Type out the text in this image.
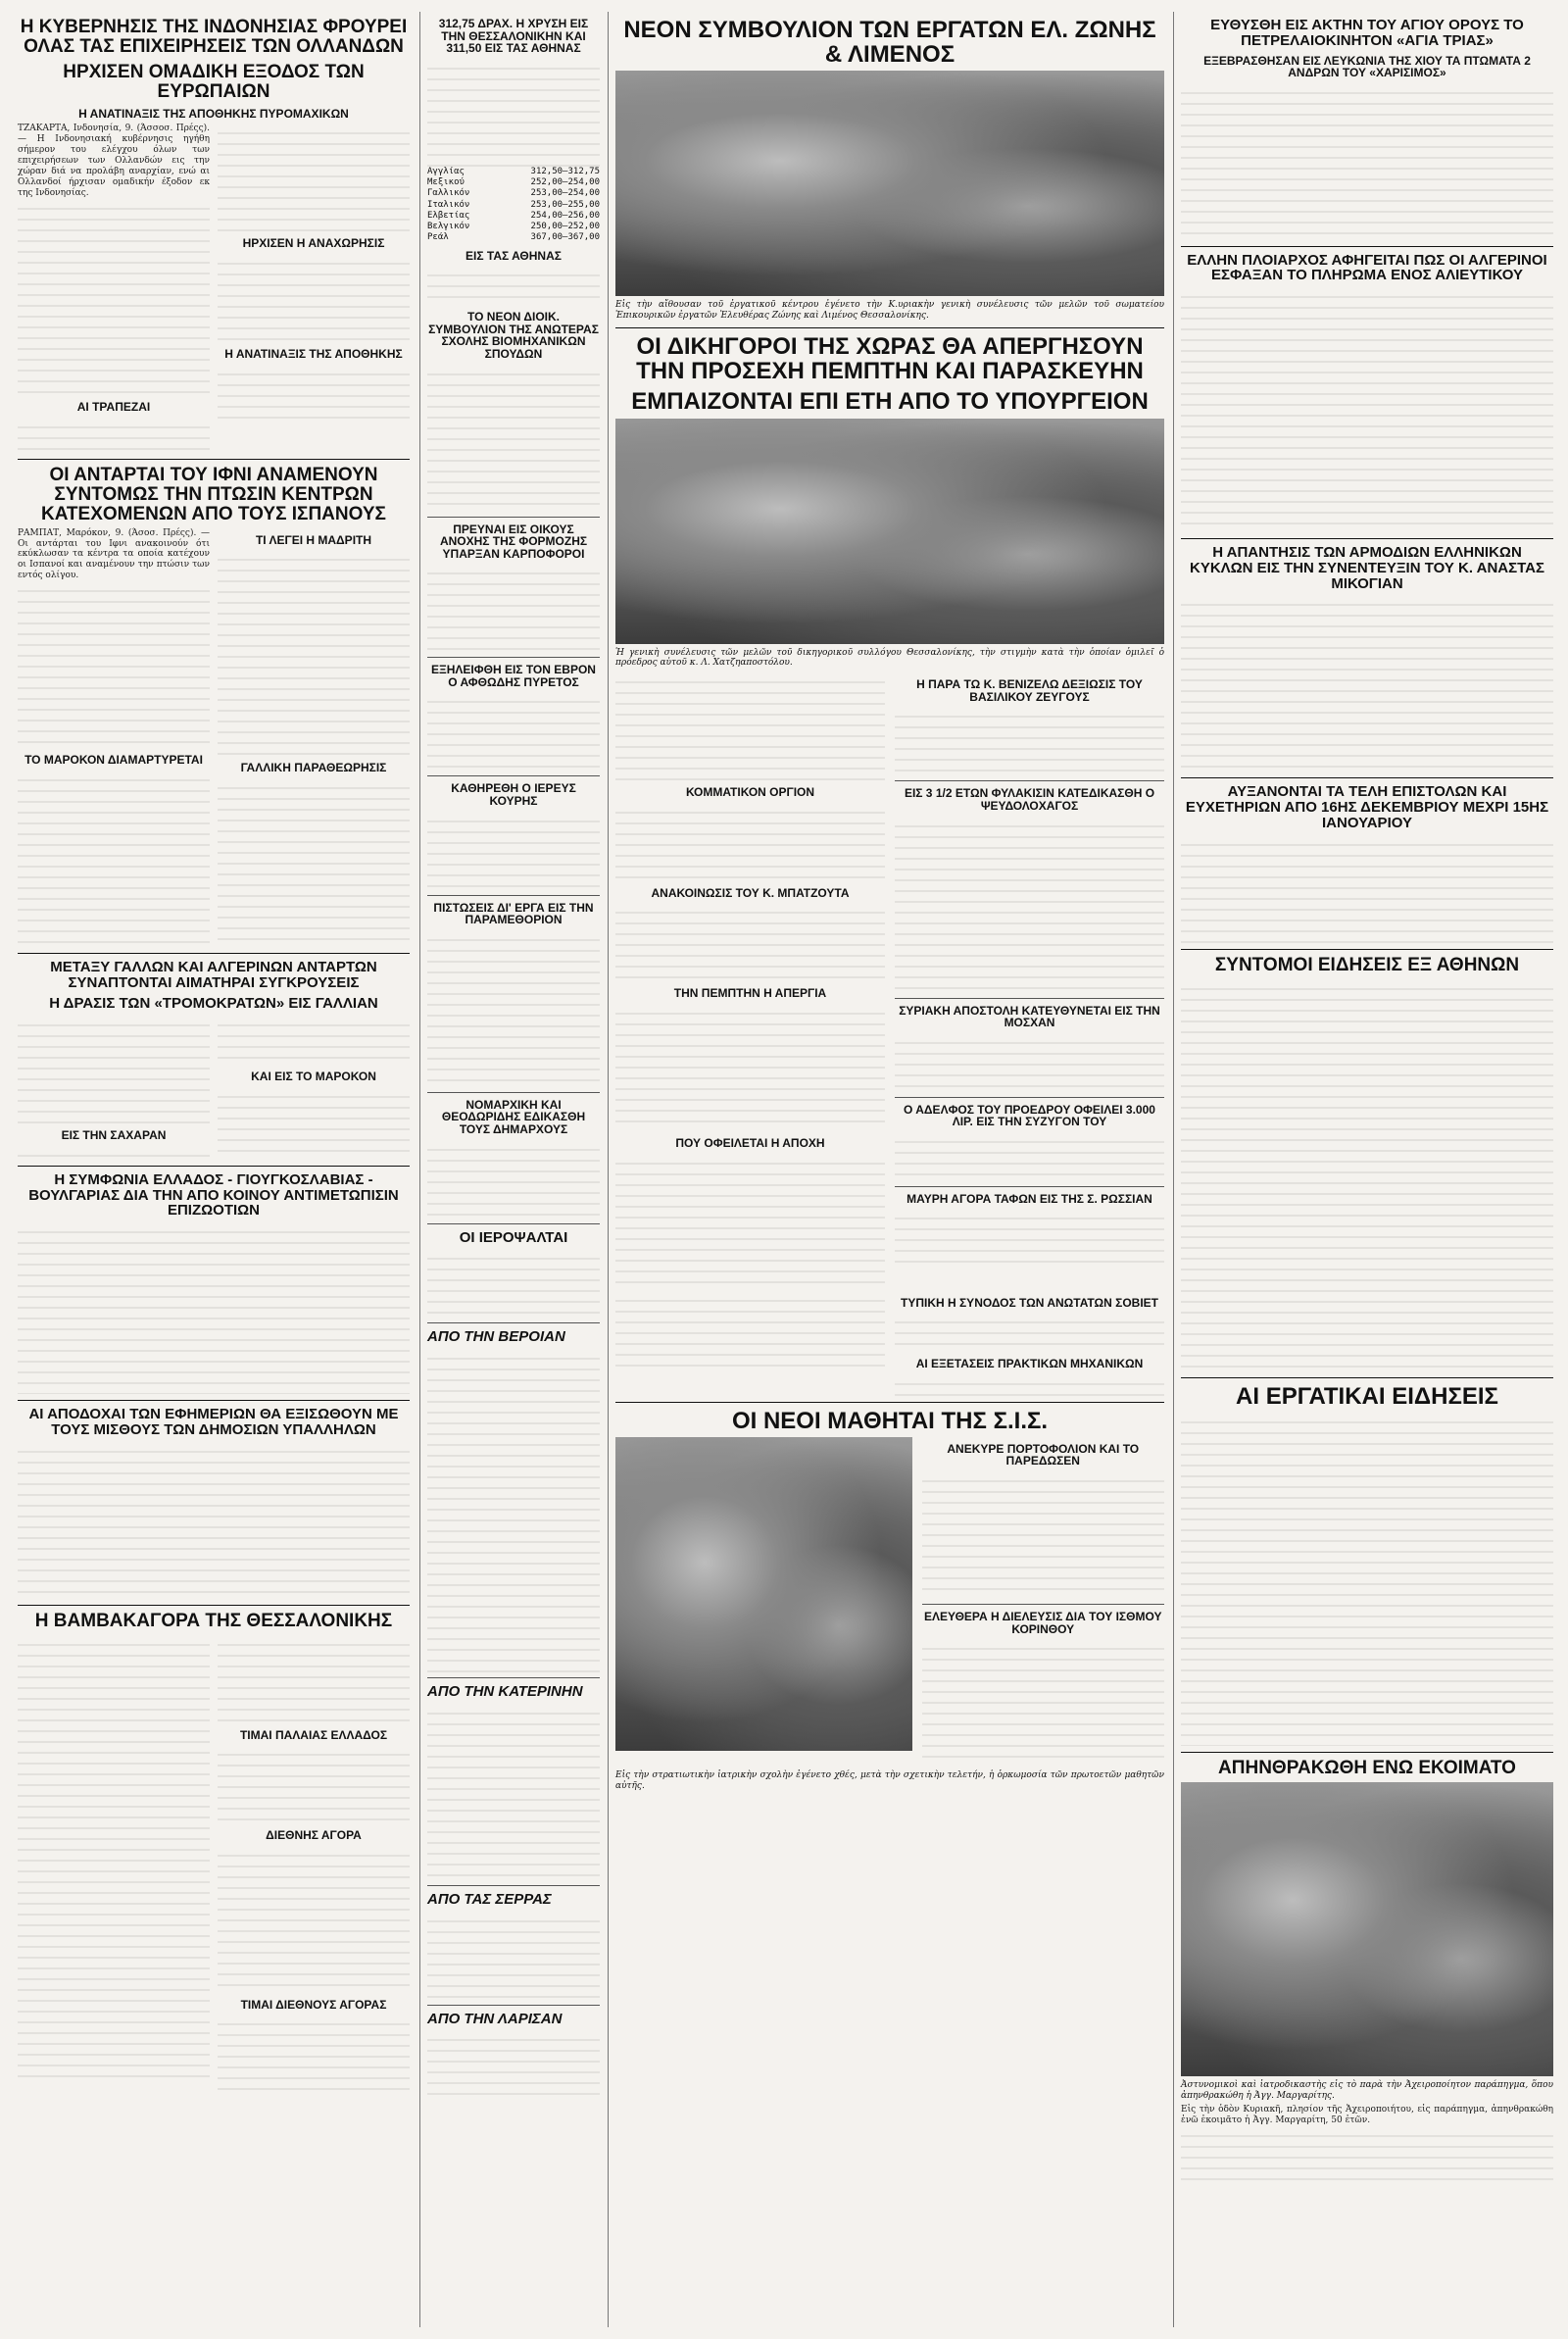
Η ΚΥΒΕΡΝΗΣΙΣ ΤΗΣ ΙΝΔΟΝΗΣΙΑΣ ΦΡΟΥΡΕΙ ΟΛΑΣ ΤΑΣ ΕΠΙΧΕΙΡΗΣΕΙΣ ΤΩΝ ΟΛΛΑΝΔΩΝ
ΗΡΧΙΣΕΝ ΟΜΑΔΙΚΗ ΕΞΟΔΟΣ ΤΩΝ ΕΥΡΩΠΑΙΩΝ
Η ΑΝΑΤΙΝΑΞΙΣ ΤΗΣ ΑΠΟΘΗΚΗΣ ΠΥΡΟΜΑΧΙΚΩΝ
ΤΖΑΚΑΡΤΑ, Ινδονησία, 9. (Άσσοσ. Πρέςς). — Η Ινδονησιακή κυβέρνησις ηγήθη σήμερον του ελέγχου όλων των επιχειρήσεων των Ολλανδών εις την χώραν διά να προλάβη αναρχίαν, ενώ αι Ολλανδοί ήρχισαν ομαδικήν έξοδον εκ της Ινδονησίας.
ΑΙ ΤΡΑΠΕΖΑΙ
ΗΡΧΙΣΕΝ Η ΑΝΑΧΩΡΗΣΙΣ
Η ΑΝΑΤΙΝΑΞΙΣ ΤΗΣ ΑΠΟΘΗΚΗΣ
ΟΙ ΑΝΤΑΡΤΑΙ ΤΟΥ ΙΦΝΙ ΑΝΑΜΕΝΟΥΝ ΣΥΝΤΟΜΩΣ ΤΗΝ ΠΤΩΣΙΝ ΚΕΝΤΡΩΝ ΚΑΤΕΧΟΜΕΝΩΝ ΑΠΟ ΤΟΥΣ ΙΣΠΑΝΟΥΣ
ΡΑΜΠΑΤ, Μαρόκον, 9. (Άσοσ. Πρέςς). — Οι αντάρται του Ιφνι ανακοινούν ότι εκύκλωσαν τα κέντρα τα οποία κατέχουν οι Ισπανοί και αναμένουν την πτώσιν των εντός ολίγου.
ΤΟ ΜΑΡΟΚΟΝ ΔΙΑΜΑΡΤΥΡΕΤΑΙ
ΤΙ ΛΕΓΕΙ Η ΜΑΔΡΙΤΗ
ΓΑΛΛΙΚΗ ΠΑΡΑΘΕΩΡΗΣΙΣ
ΜΕΤΑΞΥ ΓΑΛΛΩΝ ΚΑΙ ΑΛΓΕΡΙΝΩΝ ΑΝΤΑΡΤΩΝ ΣΥΝΑΠΤΟΝΤΑΙ ΑΙΜΑΤΗΡΑΙ ΣΥΓΚΡΟΥΣΕΙΣ
Η ΔΡΑΣΙΣ ΤΩΝ «ΤΡΟΜΟΚΡΑΤΩΝ» ΕΙΣ ΓΑΛΛΙΑΝ
ΕΙΣ ΤΗΝ ΣΑΧΑΡΑΝ
ΚΑΙ ΕΙΣ ΤΟ ΜΑΡΟΚΟΝ
Η ΣΥΜΦΩΝΙΑ ΕΛΛΑΔΟΣ - ΓΙΟΥΓΚΟΣΛΑΒΙΑΣ - ΒΟΥΛΓΑΡΙΑΣ ΔΙΑ ΤΗΝ ΑΠΟ ΚΟΙΝΟΥ ΑΝΤΙΜΕΤΩΠΙΣΙΝ ΕΠΙΖΩΟΤΙΩΝ
ΑΙ ΑΠΟΔΟΧΑΙ ΤΩΝ ΕΦΗΜΕΡΙΩΝ ΘΑ ΕΞΙΣΩΘΟΥΝ ΜΕ ΤΟΥΣ ΜΙΣΘΟΥΣ ΤΩΝ ΔΗΜΟΣΙΩΝ ΥΠΑΛΛΗΛΩΝ
Η ΒΑΜΒΑΚΑΓΟΡΑ ΤΗΣ ΘΕΣΣΑΛΟΝΙΚΗΣ
ΤΙΜΑΙ ΠΑΛΑΙΑΣ ΕΛΛΑΔΟΣ
ΔΙΕΘΝΗΣ ΑΓΟΡΑ
ΤΙΜΑΙ ΔΙΕΘΝΟΥΣ ΑΓΟΡΑΣ
312,75 ΔΡΑΧ. Η ΧΡΥΣΗ ΕΙΣ ΤΗΝ ΘΕΣΣΑΛΟΝΙΚΗΝ ΚΑΙ 311,50 ΕΙΣ ΤΑΣ ΑΘΗΝΑΣ
Αγγλίας	312,50—312,75
Μεξικού	252,00—254,00
Γαλλικόν	253,00—254,00
Ιταλικόν	253,00—255,00
Ελβετίας	254,00—256,00
Βελγικόν	250,00—252,00
Ρεάλ	367,00—367,00
ΕΙΣ ΤΑΣ ΑΘΗΝΑΣ
ΤΟ ΝΕΟΝ ΔΙΟΙΚ. ΣΥΜΒΟΥΛΙΟΝ ΤΗΣ ΑΝΩΤΕΡΑΣ ΣΧΟΛΗΣ ΒΙΟΜΗΧΑΝΙΚΩΝ ΣΠΟΥΔΩΝ
ΠΡΕΥΝΑΙ ΕΙΣ ΟΙΚΟΥΣ ΑΝΟΧΗΣ ΤΗΣ ΦΟΡΜΟΖΗΣ ΥΠΑΡΞΑΝ ΚΑΡΠΟΦΟΡΟΙ
ΕΞΗΛΕΙΦΘΗ ΕΙΣ ΤΟΝ ΕΒΡΟΝ Ο ΑΦΘΩΔΗΣ ΠΥΡΕΤΟΣ
ΚΑΘΗΡΕΘΗ Ο ΙΕΡΕΥΣ ΚΟΥΡΗΣ
ΠΙΣΤΩΣΕΙΣ ΔΙ' ΕΡΓΑ ΕΙΣ ΤΗΝ ΠΑΡΑΜΕΘΟΡΙΟΝ
ΝΟΜΑΡΧΙΚΗ ΚΑΙ ΘΕΟΔΩΡΙΔΗΣ ΕΔΙΚΑΣΘΗ ΤΟΥΣ ΔΗΜΑΡΧΟΥΣ
ΟΙ ΙΕΡΟΨΑΛΤΑΙ
ΑΠΟ ΤΗΝ ΒΕΡΟΙΑΝ
ΑΠΟ ΤΗΝ ΚΑΤΕΡΙΝΗΝ
ΑΠΟ ΤΑΣ ΣΕΡΡΑΣ
ΑΠΟ ΤΗΝ ΛΑΡΙΣΑΝ
ΝΕΟΝ ΣΥΜΒΟΥΛΙΟΝ ΤΩΝ ΕΡΓΑΤΩΝ ΕΛ. ΖΩΝΗΣ & ΛΙΜΕΝΟΣ
Εἰς τὴν αἴθουσαν τοῦ ἐργατικοῦ κέντρου ἐγένετο τὴν Κ.υριακὴν γενικὴ συνέλευσις τῶν μελῶν τοῦ σωματείου Ἐπικουρικῶν ἐργατῶν Ἐλευθέρας Ζώνης καὶ Λιμένος Θεσσαλονίκης.
ΟΙ ΔΙΚΗΓΟΡΟΙ ΤΗΣ ΧΩΡΑΣ ΘΑ ΑΠΕΡΓΗΣΟΥΝ ΤΗΝ ΠΡΟΣΕΧΗ ΠΕΜΠΤΗΝ ΚΑΙ ΠΑΡΑΣΚΕΥΗΝ
ΕΜΠΑΙΖΟΝΤΑΙ ΕΠΙ ΕΤΗ ΑΠΟ ΤΟ ΥΠΟΥΡΓΕΙΟΝ
Ἡ γενικὴ συνέλευσις τῶν μελῶν τοῦ δικηγορικοῦ συλλόγου Θεσσαλονίκης, τὴν στιγμὴν κατὰ τὴν ὁποίαν ὁμιλεῖ ὁ πρόεδρος αὐτοῦ κ. Λ. Χατζηαποστόλου.
ΚΟΜΜΑΤΙΚΟΝ ΟΡΓΙΟΝ
ΑΝΑΚΟΙΝΩΣΙΣ ΤΟΥ Κ. ΜΠΑΤΖΟΥΤΑ
ΤΗΝ ΠΕΜΠΤΗΝ Η ΑΠΕΡΓΙΑ
ΠΟΥ ΟΦΕΙΛΕΤΑΙ Η ΑΠΟΧΗ
Η ΠΑΡΑ ΤΩ Κ. ΒΕΝΙΖΕΛΩ ΔΕΞΙΩΣΙΣ ΤΟΥ ΒΑΣΙΛΙΚΟΥ ΖΕΥΓΟΥΣ
ΕΙΣ 3 1/2 ΕΤΩΝ ΦΥΛΑΚΙΣΙΝ ΚΑΤΕΔΙΚΑΣΘΗ Ο ΨΕΥΔΟΛΟΧΑΓΟΣ
ΣΥΡΙΑΚΗ ΑΠΟΣΤΟΛΗ ΚΑΤΕΥΘΥΝΕΤΑΙ ΕΙΣ ΤΗΝ ΜΟΣΧΑΝ
Ο ΑΔΕΛΦΟΣ ΤΟΥ ΠΡΟΕΔΡΟΥ ΟΦΕΙΛΕΙ 3.000 ΛΙΡ. ΕΙΣ ΤΗΝ ΣΥΖΥΓΟΝ ΤΟΥ
ΜΑΥΡΗ ΑΓΟΡΑ ΤΑΦΩΝ ΕΙΣ ΤΗΣ Σ. ΡΩΣΣΙΑΝ
ΤΥΠΙΚΗ Η ΣΥΝΟΔΟΣ ΤΩΝ ΑΝΩΤΑΤΩΝ ΣΟΒΙΕΤ
ΑΙ ΕΞΕΤΑΣΕΙΣ ΠΡΑΚΤΙΚΩΝ ΜΗΧΑΝΙΚΩΝ
ΟΙ ΝΕΟΙ ΜΑΘΗΤΑΙ ΤΗΣ Σ.Ι.Σ.
ΑΝΕΚΥΡΕ ΠΟΡΤΟΦΟΛΙΟΝ ΚΑΙ ΤΟ ΠΑΡΕΔΩΣΕΝ
ΕΛΕΥΘΕΡΑ Η ΔΙΕΛΕΥΣΙΣ ΔΙΑ ΤΟΥ ΙΣΘΜΟΥ ΚΟΡΙΝΘΟΥ
Εἰς τὴν στρατιωτικὴν ἰατρικὴν σχολὴν ἐγένετο χθές, μετὰ τὴν σχετικὴν τελετήν, ἡ ὁρκωμοσία τῶν πρωτοετῶν μαθητῶν αὐτῆς.
ΕΥΘΥΣΘΗ ΕΙΣ ΑΚΤΗΝ ΤΟΥ ΑΓΙΟΥ ΟΡΟΥΣ ΤΟ ΠΕΤΡΕΛΑΙΟΚΙΝΗΤΟΝ «ΑΓΙΑ ΤΡΙΑΣ»
ΕΞΕΒΡΑΣΘΗΣΑΝ ΕΙΣ ΛΕΥΚΩΝΙΑ ΤΗΣ ΧΙΟΥ ΤΑ ΠΤΩΜΑΤΑ 2 ΑΝΔΡΩΝ ΤΟΥ «ΧΑΡΙΣΙΜΟΣ»
ΕΛΛΗΝ ΠΛΟΙΑΡΧΟΣ ΑΦΗΓΕΙΤΑΙ ΠΩΣ ΟΙ ΑΛΓΕΡΙΝΟΙ ΕΣΦΑΞΑΝ ΤΟ ΠΛΗΡΩΜΑ ΕΝΟΣ ΑΛΙΕΥΤΙΚΟΥ
Η ΑΠΑΝΤΗΣΙΣ ΤΩΝ ΑΡΜΟΔΙΩΝ ΕΛΛΗΝΙΚΩΝ ΚΥΚΛΩΝ ΕΙΣ ΤΗΝ ΣΥΝΕΝΤΕΥΞΙΝ ΤΟΥ Κ. ΑΝΑΣΤΑΣ ΜΙΚΟΓΙΑΝ
ΑΥΞΑΝΟΝΤΑΙ ΤΑ ΤΕΛΗ ΕΠΙΣΤΟΛΩΝ ΚΑΙ ΕΥΧΕΤΗΡΙΩΝ ΑΠΟ 16ΗΣ ΔΕΚΕΜΒΡΙΟΥ ΜΕΧΡΙ 15ΗΣ ΙΑΝΟΥΑΡΙΟΥ
ΣΥΝΤΟΜΟΙ ΕΙΔΗΣΕΙΣ ΕΞ ΑΘΗΝΩΝ
ΑΙ ΕΡΓΑΤΙΚΑΙ ΕΙΔΗΣΕΙΣ
ΑΠΗΝΘΡΑΚΩΘΗ ΕΝΩ ΕΚΟΙΜΑΤΟ
Ἀστυνομικοὶ καὶ ἰατροδικαστὴς εἰς τὸ παρὰ τὴν Ἀχειροποίητον παράπηγμα, ὅπου ἀπηνθρακώθη ἡ Ἀγγ. Μαργαρίτης.
Εἰς τὴν ὁδὸν Κυριακῆ, πλησίον τῆς Ἀχειροποιήτου, εἰς παράπηγμα, ἀπηνθρακώθη ἐνῶ ἐκοιμᾶτο ἡ Ἀγγ. Μαργαρίτη, 50 ἐτῶν.
